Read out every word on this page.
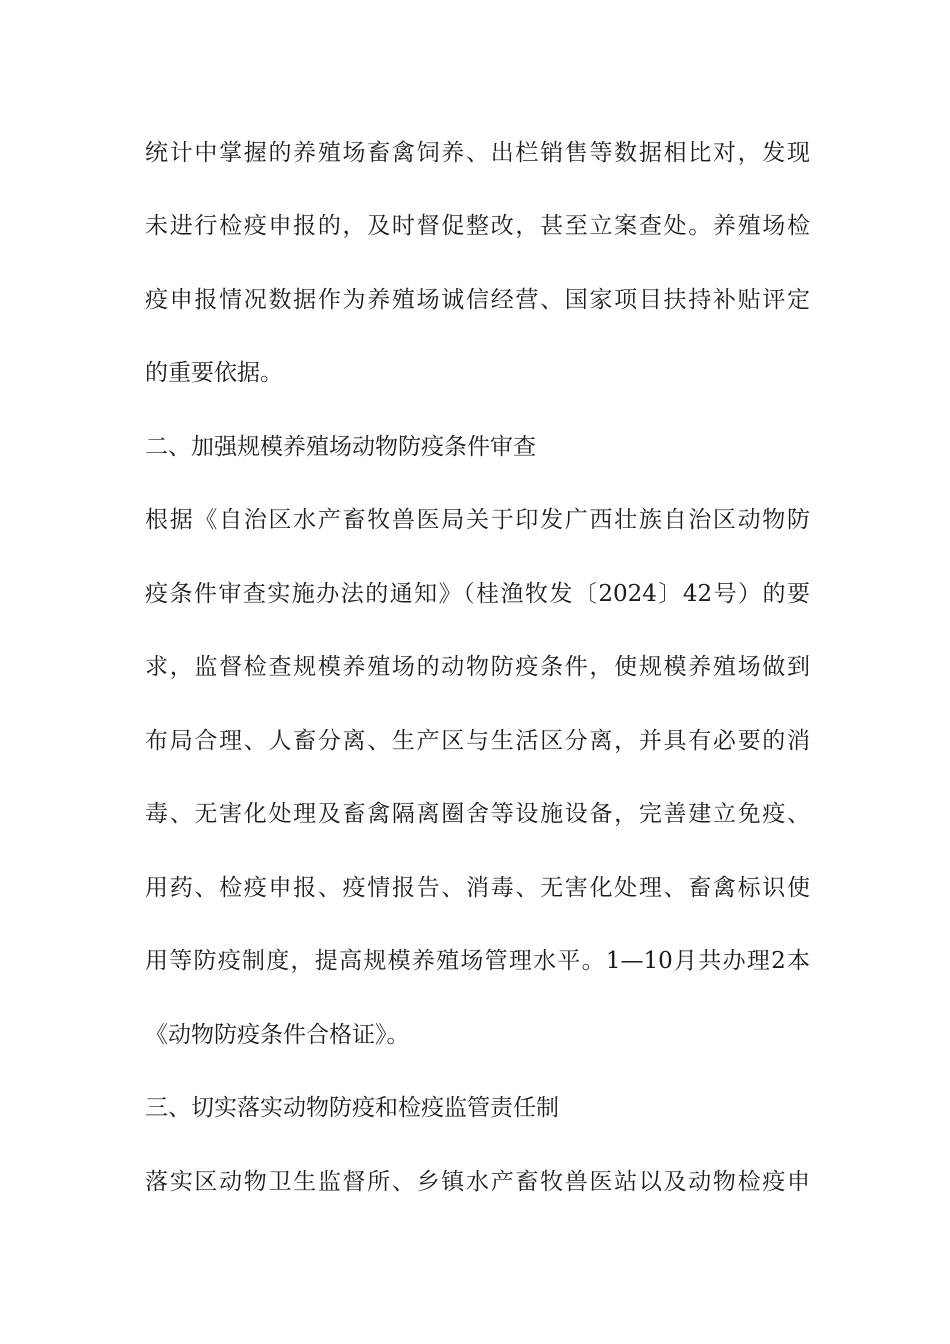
统计中掌握的养殖场畜禽饲养、出栏销售等数据相比对，发现
未进行检疫申报的，及时督促整改，甚至立案查处。养殖场检
疫申报情况数据作为养殖场诚信经营、国家项目扶持补贴评定
的重要依据。
二、加强规模养殖场动物防疫条件审查
根据《自治区水产畜牧兽医局关于印发广西壮族自治区动物防
疫条件审查实施办法的通知》（桂渔牧发〔2024〕42号）的要
求，监督检查规模养殖场的动物防疫条件，使规模养殖场做到
布局合理、人畜分离、生产区与生活区分离，并具有必要的消
毒、无害化处理及畜禽隔离圈舍等设施设备，完善建立免疫、
用药、检疫申报、疫情报告、消毒、无害化处理、畜禽标识使
用等防疫制度，提高规模养殖场管理水平。1—10月共办理2本
《动物防疫条件合格证》。
三、切实落实动物防疫和检疫监管责任制
落实区动物卫生监督所、乡镇水产畜牧兽医站以及动物检疫申
